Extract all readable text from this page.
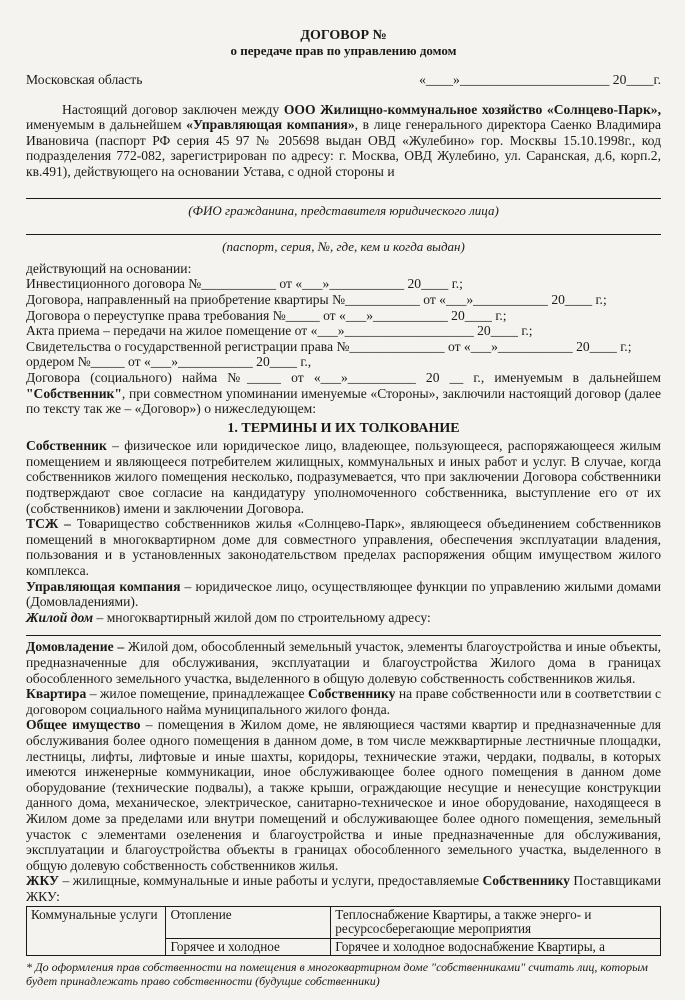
ДОГОВОР №
о передаче прав по управлению домом
Московская область	«____»______________________ 20____г.
Настоящий договор заключен между ООО Жилищно-коммунальное хозяйство «Солнцево-Парк», именуемым в дальнейшем «Управляющая компания», в лице генерального директора Саенко Владимира Ивановича (паспорт РФ серия 45 97 № 205698 выдан ОВД «Жулебино» гор. Москвы 15.10.1998г., код подразделения 772-082, зарегистрирован по адресу: г. Москва, ОВД Жулебино, ул. Саранская, д.6, корп.2, кв.491), действующего на основании Устава, с одной стороны и
(ФИО гражданина, представителя юридического лица)
(паспорт, серия, №, где, кем и когда выдан)
действующий на основании:
Инвестиционного договора №___________ от «___»___________ 20____ г.;
Договора, направленный на приобретение квартиры №___________ от «___»___________ 20____ г.;
Договора о переуступке права требования №_____ от «___»___________ 20____ г.;
Акта приема – передачи на жилое помещение от «___»___________________ 20____ г.;
Свидетельства о государственной регистрации права №______________ от «___»___________ 20____ г.;
ордером №_____ от «___»___________ 20____ г.,
Договора (социального) найма №_____ от «___»__________ 20 __ г., именуемым в дальнейшем "Собственник", при совместном упоминании именуемые «Стороны», заключили настоящий договор (далее по тексту так же – «Договор») о нижеследующем:
1. ТЕРМИНЫ И ИХ ТОЛКОВАНИЕ
Собственник – физическое или юридическое лицо, владеющее, пользующееся, распоряжающееся жилым помещением и являющееся потребителем жилищных, коммунальных и иных работ и услуг. В случае, когда собственников жилого помещения несколько, подразумевается, что при заключении Договора собственники подтверждают свое согласие на кандидатуру уполномоченного собственника, выступление его от их (собственников) имени и заключении Договора.
ТСЖ – Товарищество собственников жилья «Солнцево-Парк», являющееся объединением собственников помещений в многоквартирном доме для совместного управления, обеспечения эксплуатации владения, пользования и в установленных законодательством пределах распоряжения общим имуществом жилого комплекса.
Управляющая компания – юридическое лицо, осуществляющее функции по управлению жилыми домами (Домовладениями).
Жилой дом – многоквартирный жилой дом по строительному адресу:
Домовладение – Жилой дом, обособленный земельный участок, элементы благоустройства и иные объекты, предназначенные для обслуживания, эксплуатации и благоустройства Жилого дома в границах обособленного земельного участка, выделенного в общую долевую собственность собственников жилья.
Квартира – жилое помещение, принадлежащее Собственнику на праве собственности или в соответствии с договором социального найма муниципального жилого фонда.
Общее имущество – помещения в Жилом доме, не являющиеся частями квартир и предназначенные для обслуживания более одного помещения в данном доме, в том числе межквартирные лестничные площадки, лестницы, лифты, лифтовые и иные шахты, коридоры, технические этажи, чердаки, подвалы, в которых имеются инженерные коммуникации, иное обслуживающее более одного помещения в данном доме оборудование (технические подвалы), а также крыши, ограждающие несущие и ненесущие конструкции данного дома, механическое, электрическое, санитарно-техническое и иное оборудование, находящееся в Жилом доме за пределами или внутри помещений и обслуживающее более одного помещения, земельный участок с элементами озеленения и благоустройства и иные предназначенные для обслуживания, эксплуатации и благоустройства объекты в границах обособленного земельного участка, выделенного в общую долевую собственность собственников жилья.
ЖКУ – жилищные, коммунальные и иные работы и услуги, предоставляемые Собственнику Поставщиками ЖКУ:
Коммунальные услуги	Отопление	Теплоснабжение Квартиры, а также энерго- и ресурсосберегающие мероприятия
	Горячее и холодное	Горячее и холодное водоснабжение Квартиры, а
* До оформления прав собственности на помещения в многоквартирном доме "собственниками" считать лиц, которым будет принадлежать право собственности (будущие собственники)
